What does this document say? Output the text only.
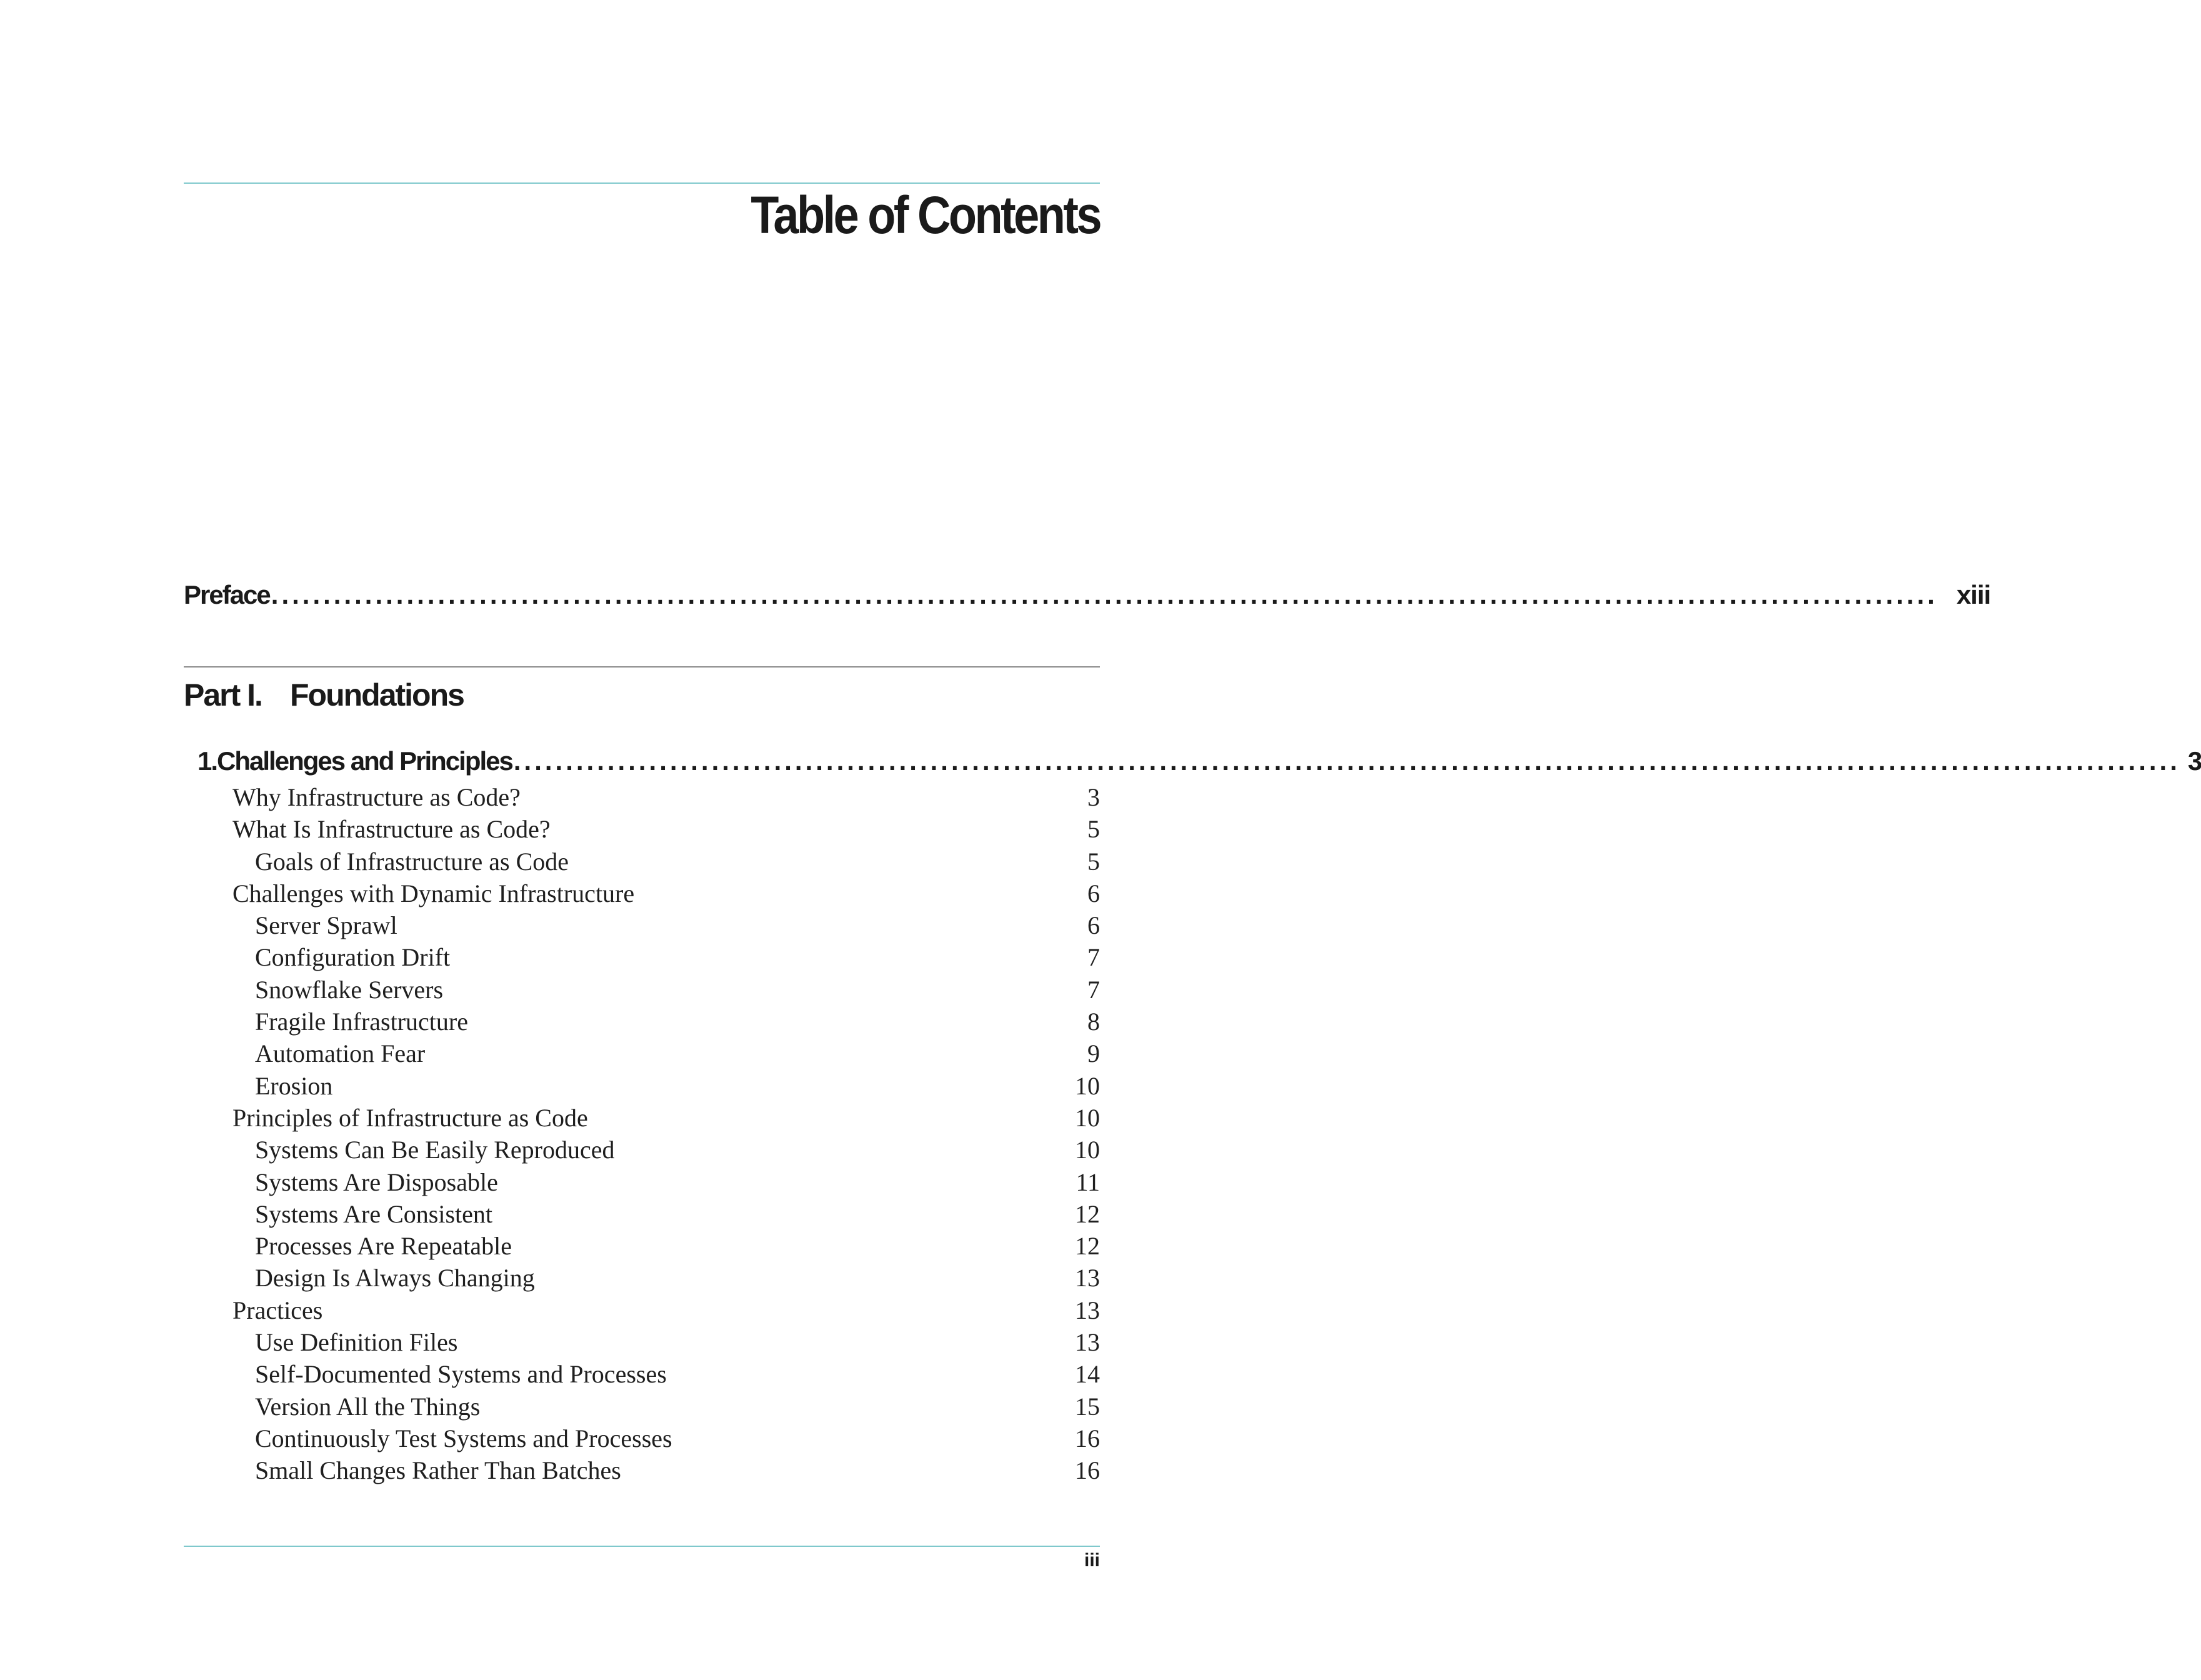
Table of Contents
Preface ................................................................................................................................................................ xiii
Part I. Foundations
1. Challenges and Principles ................................................................................................................................................................ 3
Why Infrastructure as Code?	3
What Is Infrastructure as Code?	5
Goals of Infrastructure as Code	5
Challenges with Dynamic Infrastructure	6
Server Sprawl	6
Configuration Drift	7
Snowflake Servers	7
Fragile Infrastructure	8
Automation Fear	9
Erosion	10
Principles of Infrastructure as Code	10
Systems Can Be Easily Reproduced	10
Systems Are Disposable	11
Systems Are Consistent	12
Processes Are Repeatable	12
Design Is Always Changing	13
Practices	13
Use Definition Files	13
Self-Documented Systems and Processes	14
Version All the Things	15
Continuously Test Systems and Processes	16
Small Changes Rather Than Batches	16
iii
